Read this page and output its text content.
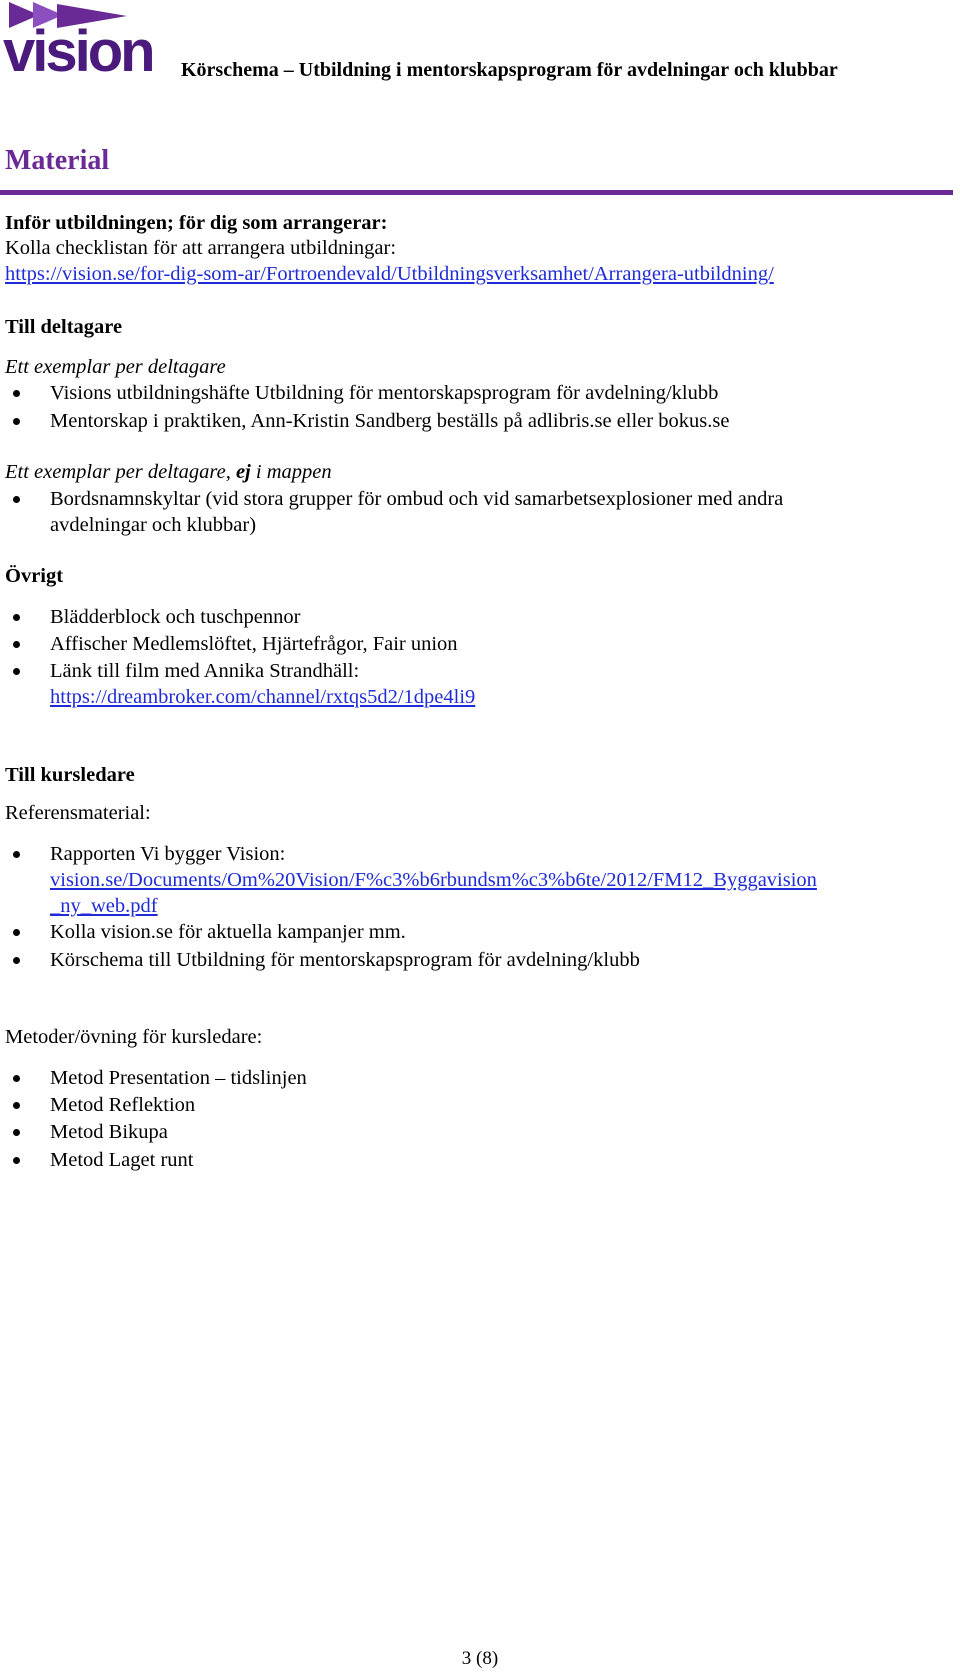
vision Körschema – Utbildning i mentorskapsprogram för avdelningar och klubbar
Material
Inför utbildningen; för dig som arrangerar:
Kolla checklistan för att arrangera utbildningar:
https://vision.se/for-dig-som-ar/Fortroendevald/Utbildningsverksamhet/Arrangera-utbildning/
Till deltagare
Ett exemplar per deltagare
Visions utbildningshäfte Utbildning för mentorskapsprogram för avdelning/klubb
Mentorskap i praktiken, Ann-Kristin Sandberg beställs på adlibris.se eller bokus.se
Ett exemplar per deltagare, ej i mappen
Bordsnamnskyltar (vid stora grupper för ombud och vid samarbetsexplosioner med andra
avdelningar och klubbar)
Övrigt
Blädderblock och tuschpennor
Affischer Medlemslöftet, Hjärtefrågor, Fair union
Länk till film med Annika Strandhäll:
https://dreambroker.com/channel/rxtqs5d2/1dpe4li9
Till kursledare
Referensmaterial:
Rapporten Vi bygger Vision:
vision.se/Documents/Om%20Vision/F%c3%b6rbundsm%c3%b6te/2012/FM12_Byggavision
_ny_web.pdf
Kolla vision.se för aktuella kampanjer mm.
Körschema till Utbildning för mentorskapsprogram för avdelning/klubb
Metoder/övning för kursledare:
Metod Presentation – tidslinjen
Metod Reflektion
Metod Bikupa
Metod Laget runt
3 (8)
